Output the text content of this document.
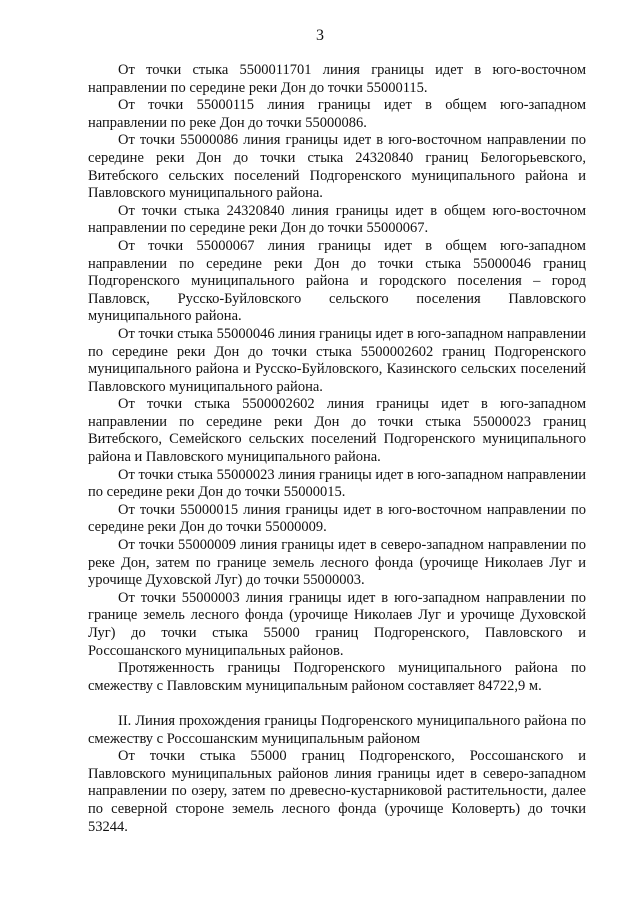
3

От точки стыка 5500011701 линия границы идет в юго-восточном направлении по середине реки Дон до точки 55000115.

От точки 55000115 линия границы идет в общем юго-западном направлении по реке Дон до точки 55000086.

От точки 55000086 линия границы идет в юго-восточном направлении по середине реки Дон до точки стыка 24320840 границ Белогорьевского, Витебского сельских поселений Подгоренского муниципального района и Павловского муниципального района.

От точки стыка 24320840 линия границы идет в общем юго-восточном направлении по середине реки Дон до точки 55000067.

От точки 55000067 линия границы идет в общем юго-западном направлении по середине реки Дон до точки стыка 55000046 границ Подгоренского муниципального района и городского поселения – город Павловск, Русско-Буйловского сельского поселения Павловского муниципального района.

От точки стыка 55000046 линия границы идет в юго-западном направлении по середине реки Дон до точки стыка 5500002602 границ Подгоренского муниципального района и Русско-Буйловского, Казинского сельских поселений Павловского муниципального района.

От точки стыка 5500002602 линия границы идет в юго-западном направлении по середине реки Дон до точки стыка 55000023 границ Витебского, Семейского сельских поселений Подгоренского муниципального района и Павловского муниципального района.

От точки стыка 55000023 линия границы идет в юго-западном направлении по середине реки Дон до точки 55000015.

От точки 55000015 линия границы идет в юго-восточном направлении по середине реки Дон до точки 55000009.

От точки 55000009 линия границы идет в северо-западном направлении по реке Дон, затем по границе земель лесного фонда (урочище Николаев Луг и урочище Духовской Луг) до точки 55000003.

От точки 55000003 линия границы идет в юго-западном направлении по границе земель лесного фонда (урочище Николаев Луг и урочище Духовской Луг) до точки стыка 55000 границ Подгоренского, Павловского и Россошанского муниципальных районов.

Протяженность границы Подгоренского муниципального района по смежеству с Павловским муниципальным районом составляет 84722,9 м.

II. Линия прохождения границы Подгоренского муниципального района по смежеству с Россошанским муниципальным районом

От точки стыка 55000 границ Подгоренского, Россошанского и Павловского муниципальных районов линия границы идет в северо-западном направлении по озеру, затем по древесно-кустарниковой растительности, далее по северной стороне земель лесного фонда (урочище Коловерть) до точки 53244.
